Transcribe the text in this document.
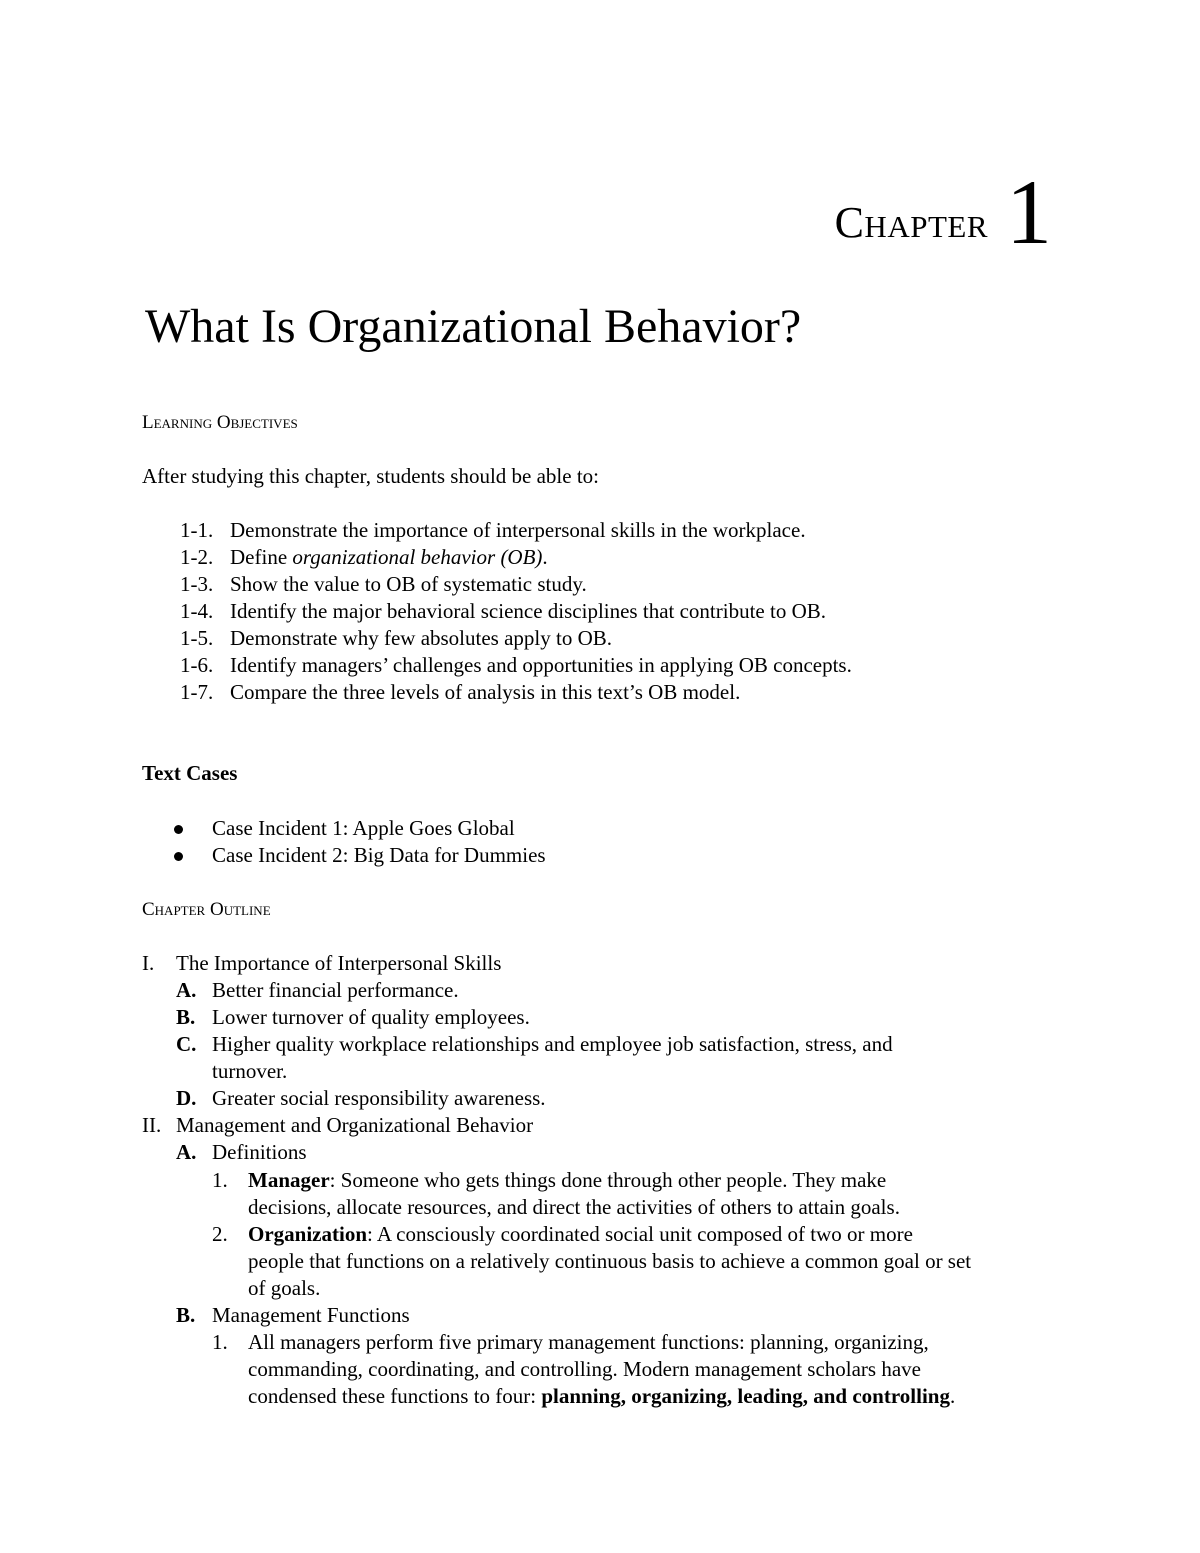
Chapter 1
What Is Organizational Behavior?
Learning Objectives
After studying this chapter, students should be able to:
1-1. Demonstrate the importance of interpersonal skills in the workplace.
1-2. Define organizational behavior (OB).
1-3. Show the value to OB of systematic study.
1-4. Identify the major behavioral science disciplines that contribute to OB.
1-5. Demonstrate why few absolutes apply to OB.
1-6. Identify managers’ challenges and opportunities in applying OB concepts.
1-7. Compare the three levels of analysis in this text’s OB model.
Text Cases
Case Incident 1: Apple Goes Global
Case Incident 2: Big Data for Dummies
Chapter Outline
I. The Importance of Interpersonal Skills
A. Better financial performance.
B. Lower turnover of quality employees.
C. Higher quality workplace relationships and employee job satisfaction, stress, and
turnover.
D. Greater social responsibility awareness.
II. Management and Organizational Behavior
A. Definitions
1. Manager: Someone who gets things done through other people. They make
decisions, allocate resources, and direct the activities of others to attain goals.
2. Organization: A consciously coordinated social unit composed of two or more
people that functions on a relatively continuous basis to achieve a common goal or set
of goals.
B. Management Functions
1. All managers perform five primary management functions: planning, organizing,
commanding, coordinating, and controlling. Modern management scholars have
condensed these functions to four: planning, organizing, leading, and controlling.
